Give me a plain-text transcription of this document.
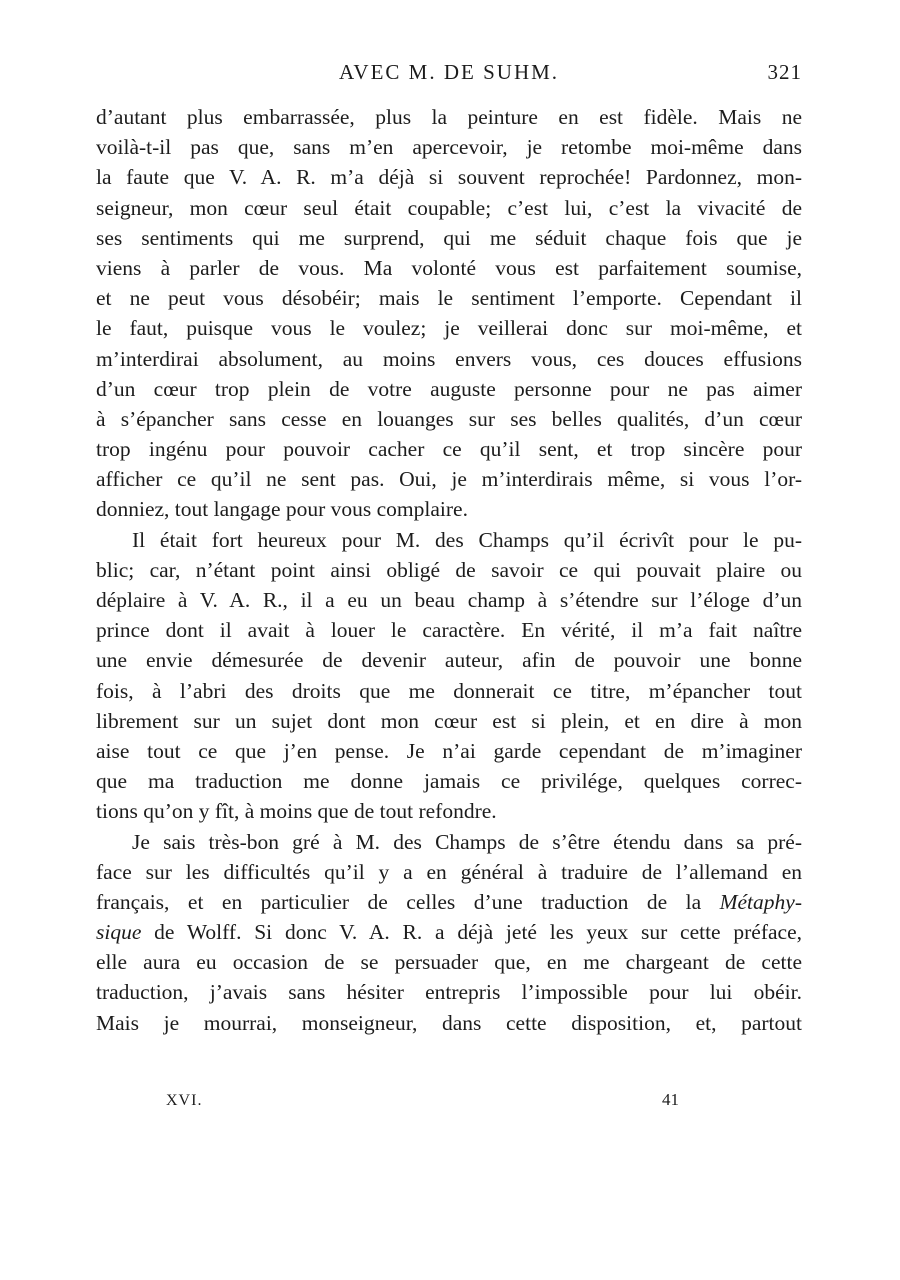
AVEC M. DE SUHM.	321
d’autant plus embarrassée, plus la peinture en est fidèle. Mais ne
voilà-t-il pas que, sans m’en apercevoir, je retombe moi-même dans
la faute que V. A. R. m’a déjà si souvent reprochée! Pardonnez, mon-
seigneur, mon cœur seul était coupable; c’est lui, c’est la vivacité de
ses sentiments qui me surprend, qui me séduit chaque fois que je
viens à parler de vous. Ma volonté vous est parfaitement soumise,
et ne peut vous désobéir; mais le sentiment l’emporte. Cependant il
le faut, puisque vous le voulez; je veillerai donc sur moi-même, et
m’interdirai absolument, au moins envers vous, ces douces effusions
d’un cœur trop plein de votre auguste personne pour ne pas aimer
à s’épancher sans cesse en louanges sur ses belles qualités, d’un cœur
trop ingénu pour pouvoir cacher ce qu’il sent, et trop sincère pour
afficher ce qu’il ne sent pas. Oui, je m’interdirais même, si vous l’or-
donniez, tout langage pour vous complaire.
Il était fort heureux pour M. des Champs qu’il écrivît pour le pu-
blic; car, n’étant point ainsi obligé de savoir ce qui pouvait plaire ou
déplaire à V. A. R., il a eu un beau champ à s’étendre sur l’éloge d’un
prince dont il avait à louer le caractère. En vérité, il m’a fait naître
une envie démesurée de devenir auteur, afin de pouvoir une bonne
fois, à l’abri des droits que me donnerait ce titre, m’épancher tout
librement sur un sujet dont mon cœur est si plein, et en dire à mon
aise tout ce que j’en pense. Je n’ai garde cependant de m’imaginer
que ma traduction me donne jamais ce privilége, quelques correc-
tions qu’on y fît, à moins que de tout refondre.
Je sais très-bon gré à M. des Champs de s’être étendu dans sa pré-
face sur les difficultés qu’il y a en général à traduire de l’allemand en
français, et en particulier de celles d’une traduction de la Métaphy-
sique de Wolff. Si donc V. A. R. a déjà jeté les yeux sur cette préface,
elle aura eu occasion de se persuader que, en me chargeant de cette
traduction, j’avais sans hésiter entrepris l’impossible pour lui obéir.
Mais je mourrai, monseigneur, dans cette disposition, et, partout
XVI.	41
